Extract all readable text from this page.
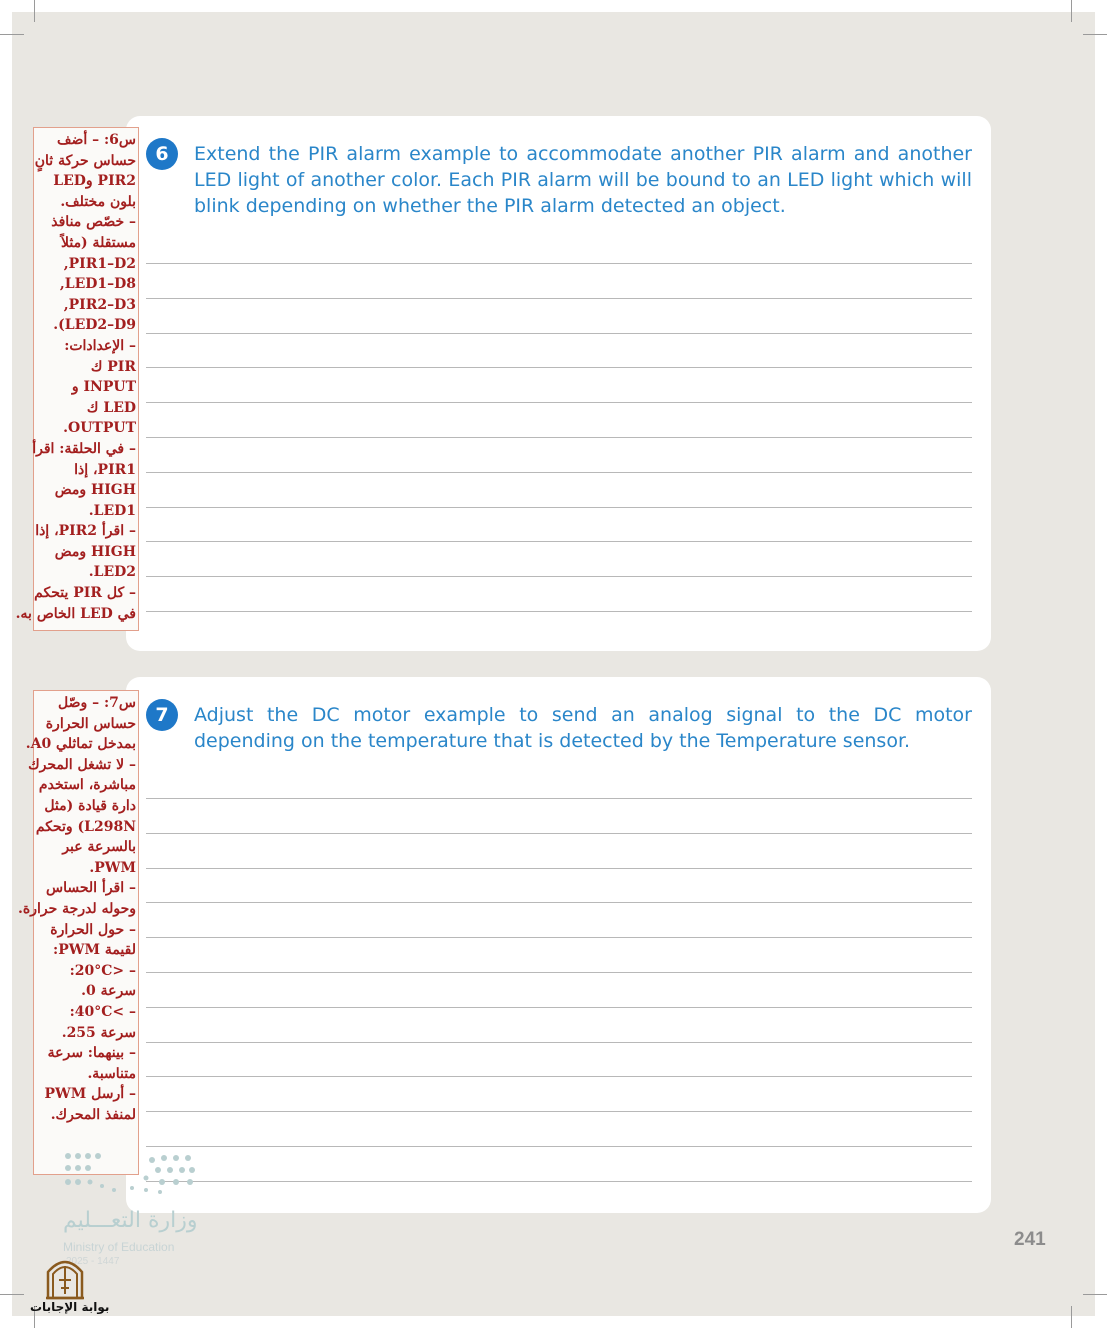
6	Extend the PIR alarm example to accommodate another PIR alarm and another LED light of another color. Each PIR alarm will be bound to an LED light which will blink depending on whether the PIR alarm detected an object.
7	Adjust the DC motor example to send an analog signal to the DC motor depending on the temperature that is detected by the Temperature sensor.
س6: – أضف
حساس حركة ثانٍ
PIR2 وLED
بلون مختلف.
– خصّص منافذ
مستقلة (مثلاً
PIR1–D2,
LED1–D8,
PIR2–D3,
LED2–D9).
– الإعدادات:
PIR ك
INPUT و
LED ك
OUTPUT.
– في الحلقة: اقرأ
PIR1، إذا
HIGH ومض
LED1.
– اقرأ PIR2، إذا
HIGH ومض
LED2.
– كل PIR يتحكم
في LED الخاص به.
س7: – وصّل
حساس الحرارة
بمدخل تماثلي A0.
– لا تشغل المحرك
مباشرة، استخدم
دارة قيادة (مثل
L298N) وتحكم
بالسرعة عبر
PWM.
– اقرأ الحساس
وحوله لدرجة حرارة.
– حول الحرارة
لقيمة PWM:
– <20°C:
سرعة 0.
– >40°C:
سرعة 255.
– بينهما: سرعة
متناسبة.
– أرسل PWM
لمنفذ المحرك.
وزارة التعـــليم
Ministry of Education
2025 - 1447
بوابة الإجابات
241
